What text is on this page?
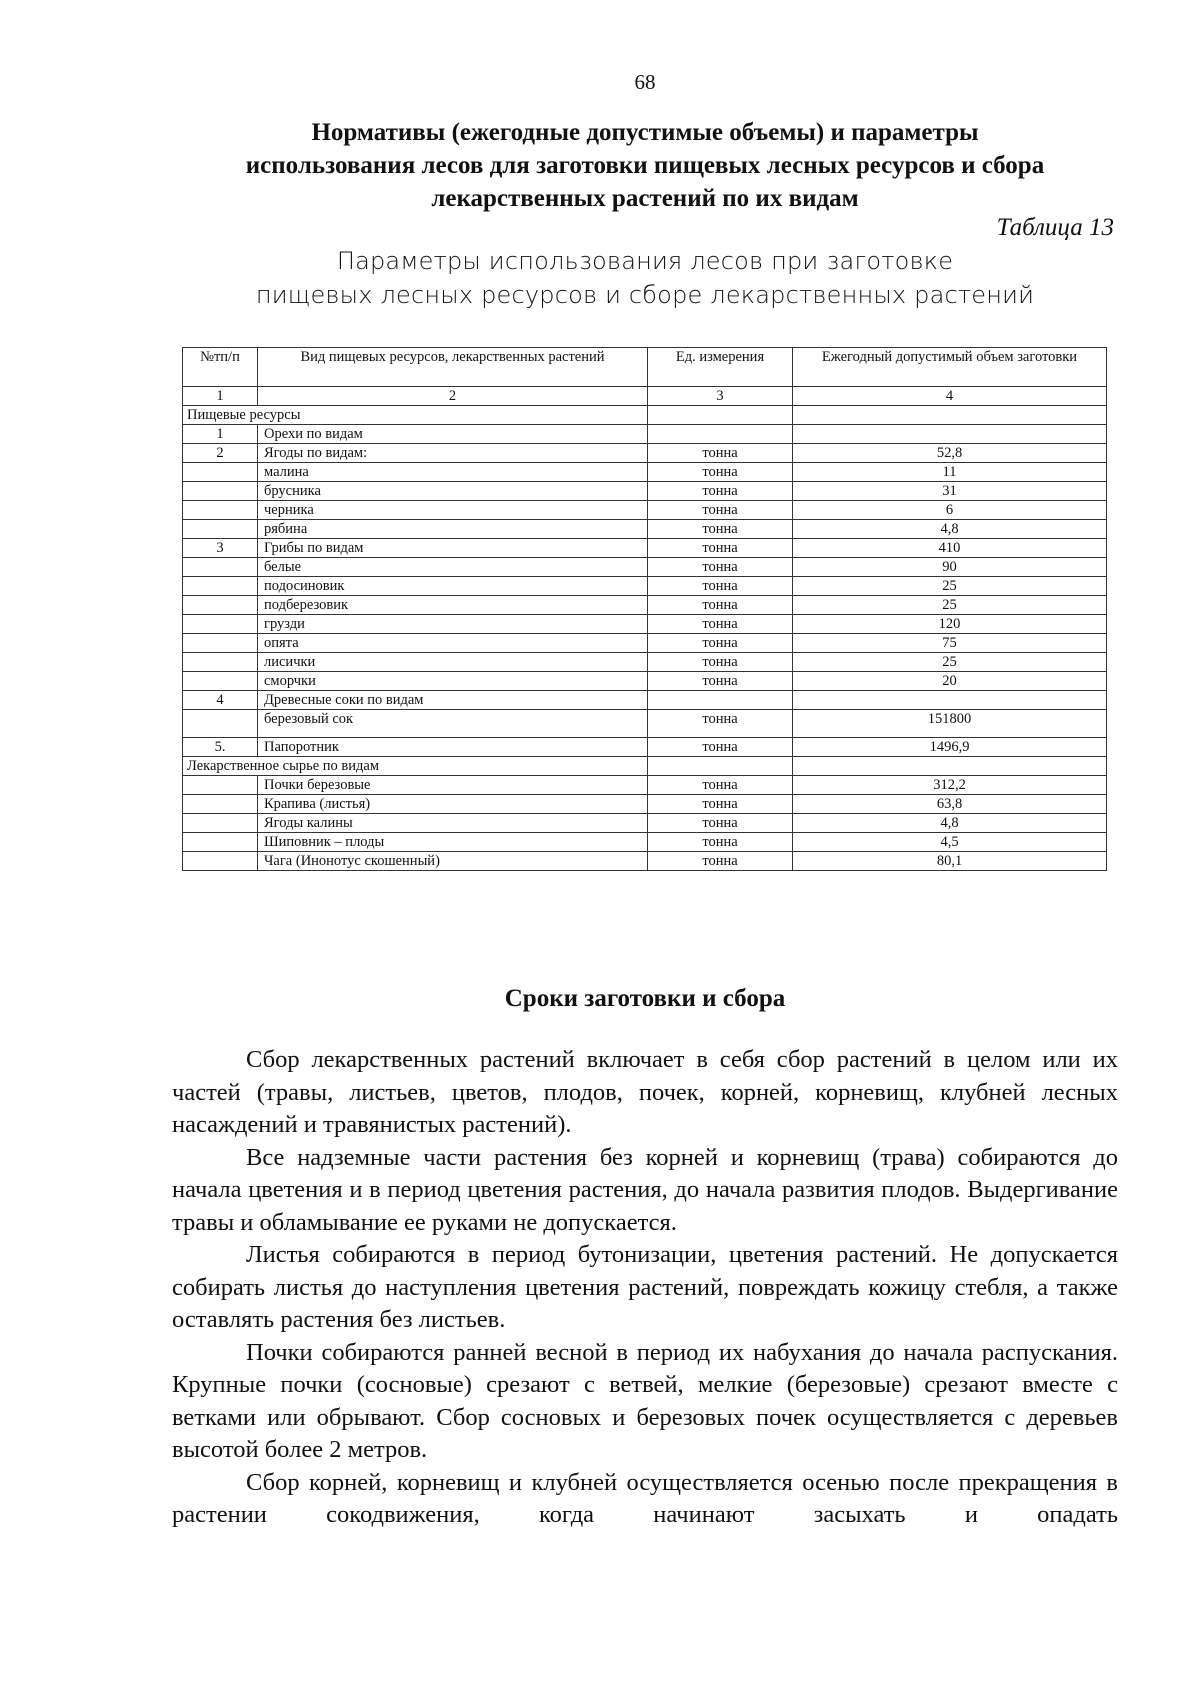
68
Нормативы (ежегодные допустимые объемы) и параметры
использования лесов для заготовки пищевых лесных ресурсов и сбора
лекарственных растений по их видам
Таблица 13
Параметры использования лесов при заготовке
пищевых лесных ресурсов и сборе лекарственных растений
№тп/п	Вид пищевых ресурсов, лекарственных растений	Ед. измерения	Ежегодный допустимый объем заготовки
1	2	3	4
Пищевые ресурсы			
1	Орехи по видам		
2	Ягоды по видам:	тонна	52,8
	малина	тонна	11
	брусника	тонна	31
	черника	тонна	6
	рябина	тонна	4,8
3	Грибы по видам	тонна	410
	белые	тонна	90
	подосиновик	тонна	25
	подберезовик	тонна	25
	грузди	тонна	120
	опята	тонна	75
	лисички	тонна	25
	сморчки	тонна	20
4	Древесные соки по видам		
	березовый сок	тонна	151800
5.	Папоротник	тонна	1496,9
Лекарственное сырье по видам			
	Почки березовые	тонна	312,2
	Крапива (листья)	тонна	63,8
	Ягоды калины	тонна	4,8
	Шиповник – плоды	тонна	4,5
	Чага (Инонотус скошенный)	тонна	80,1
Сроки заготовки и сбора

Сбор лекарственных растений включает в себя сбор растений в целом или их частей (травы, листьев, цветов, плодов, почек, корней, корневищ, клубней лесных насаждений и травянистых растений).

Все надземные части растения без корней и корневищ (трава) собираются до начала цветения и в период цветения растения, до начала развития плодов. Выдергивание травы и обламывание ее руками не допускается.

Листья собираются в период бутонизации, цветения растений. Не допускается собирать листья до наступления цветения растений, повреждать кожицу стебля, а также оставлять растения без листьев.

Почки собираются ранней весной в период их набухания до начала распускания. Крупные почки (сосновые) срезают с ветвей, мелкие (березовые) срезают вместе с ветками или обрывают. Сбор сосновых и березовых почек осуществляется с деревьев высотой более 2 метров.

Сбор корней, корневищ и клубней осуществляется осенью после прекращения в растении сокодвижения, когда начинают засыхать и опадать
